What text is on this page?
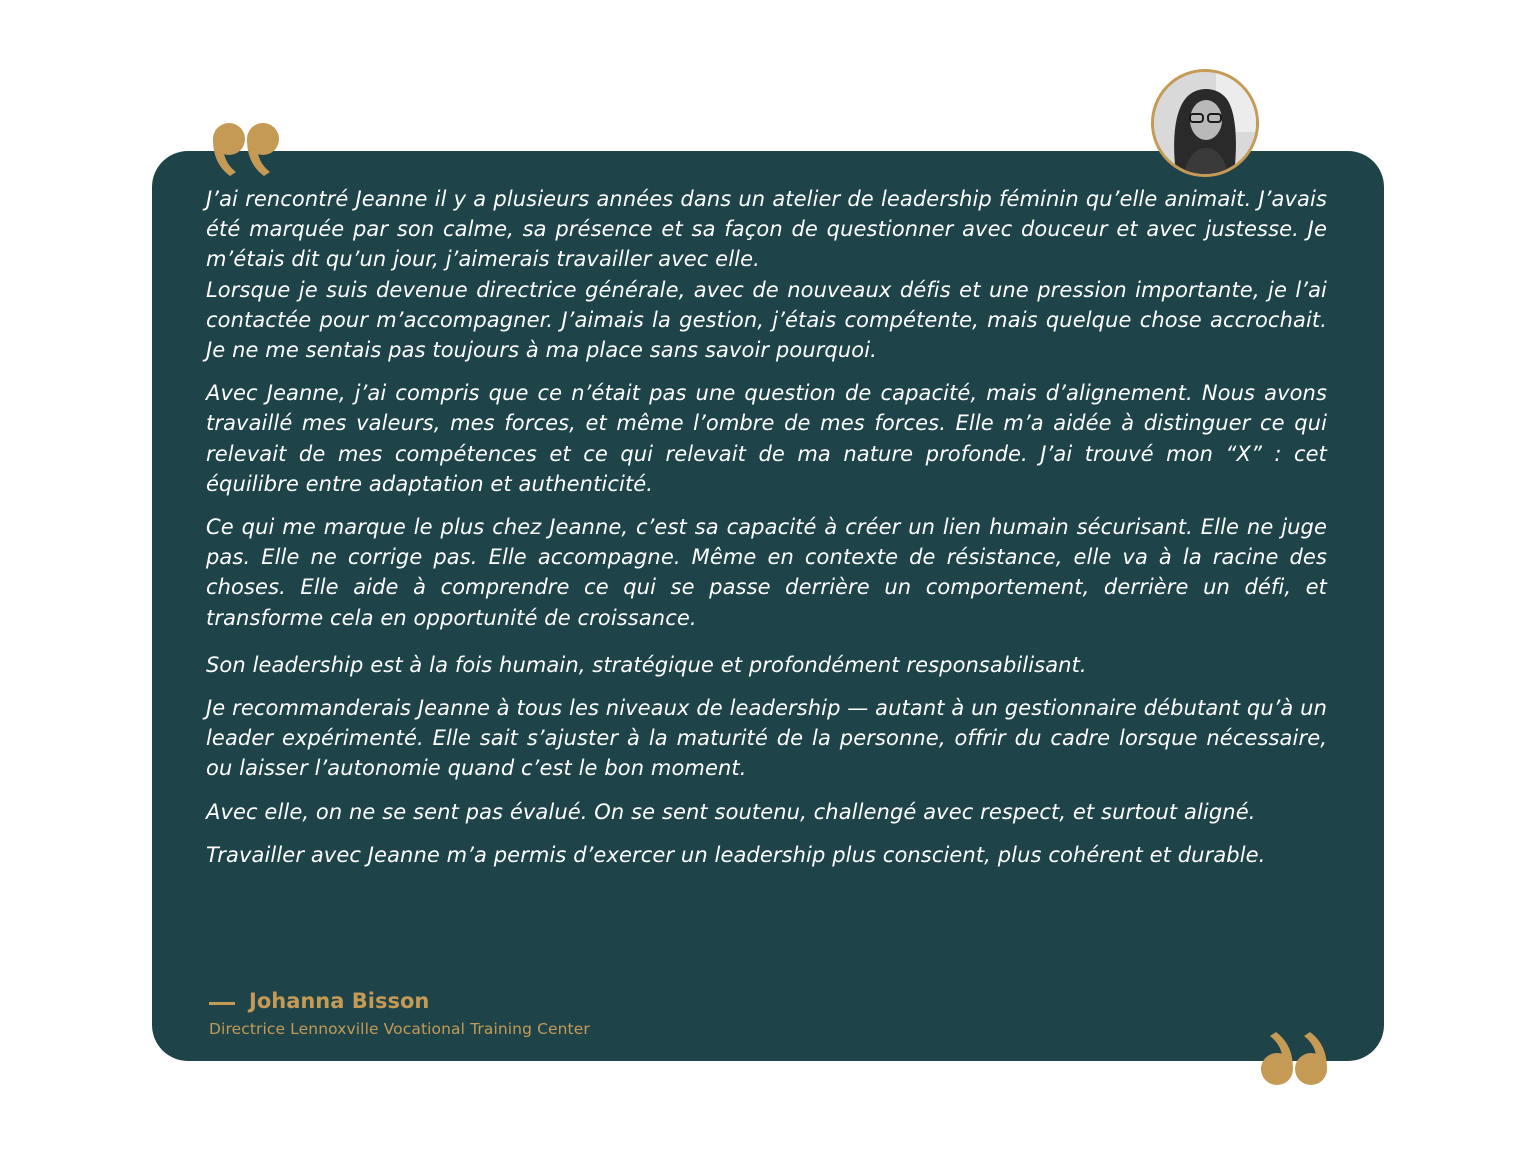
J’ai rencontré Jeanne il y a plusieurs années dans un atelier de leadership féminin qu’elle animait. J’avais été marquée par son calme, sa présence et sa façon de questionner avec douceur et avec justesse. Je m’étais dit qu’un jour, j’aimerais travailler avec elle.

Lorsque je suis devenue directrice générale, avec de nouveaux défis et une pression importante, je l’ai contactée pour m’accompagner. J’aimais la gestion, j’étais compétente, mais quelque chose accrochait. Je ne me sentais pas toujours à ma place sans savoir pourquoi.

Avec Jeanne, j’ai compris que ce n’était pas une question de capacité, mais d’alignement. Nous avons travaillé mes valeurs, mes forces, et même l’ombre de mes forces. Elle m’a aidée à distinguer ce qui relevait de mes compétences et ce qui relevait de ma nature profonde. J’ai trouvé mon “X” : cet équilibre entre adaptation et authenticité.

Ce qui me marque le plus chez Jeanne, c’est sa capacité à créer un lien humain sécurisant. Elle ne juge pas. Elle ne corrige pas. Elle accompagne. Même en contexte de résistance, elle va à la racine des choses. Elle aide à comprendre ce qui se passe derrière un comportement, derrière un défi, et transforme cela en opportunité de croissance.

Son leadership est à la fois humain, stratégique et profondément responsabilisant.

Je recommanderais Jeanne à tous les niveaux de leadership — autant à un gestionnaire débutant qu’à un leader expérimenté. Elle sait s’ajuster à la maturité de la personne, offrir du cadre lorsque nécessaire, ou laisser l’autonomie quand c’est le bon moment.

Avec elle, on ne se sent pas évalué. On se sent soutenu, challengé avec respect, et surtout aligné.

Travailler avec Jeanne m’a permis d’exercer un leadership plus conscient, plus cohérent et durable.

Johanna Bisson
Directrice Lennoxville Vocational Training Center
